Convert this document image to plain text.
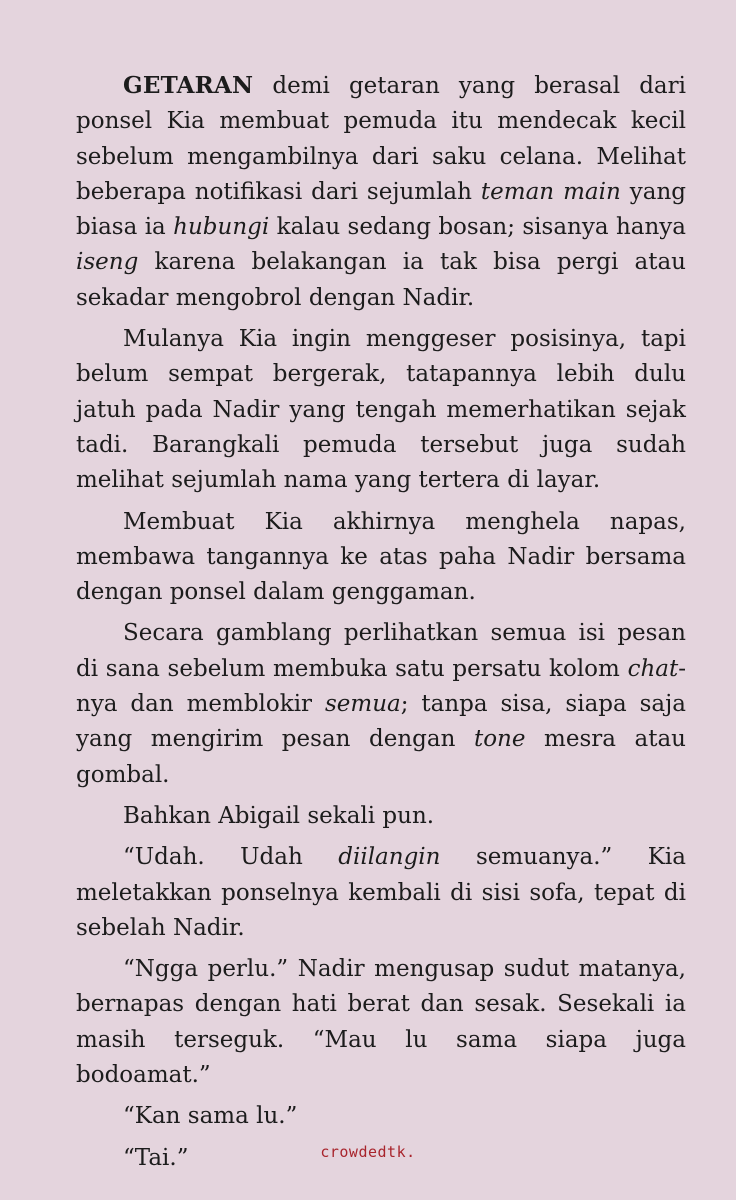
GETARAN demi getaran yang berasal dari ponsel Kia membuat pemuda itu mendecak kecil sebelum mengambilnya dari saku celana. Melihat beberapa notifikasi dari sejumlah teman main yang biasa ia hubungi kalau sedang bosan; sisanya hanya iseng karena belakangan ia tak bisa pergi atau sekadar mengobrol dengan Nadir.

Mulanya Kia ingin menggeser posisinya, tapi belum sempat bergerak, tatapannya lebih dulu jatuh pada Nadir yang tengah memerhatikan sejak tadi. Barangkali pemuda tersebut juga sudah melihat sejumlah nama yang tertera di layar.

Membuat Kia akhirnya menghela napas, membawa tangannya ke atas paha Nadir bersama dengan ponsel dalam genggaman.

Secara gamblang perlihatkan semua isi pesan di sana sebelum membuka satu persatu kolom chat-nya dan memblokir semua; tanpa sisa, siapa saja yang mengirim pesan dengan tone mesra atau gombal.

Bahkan Abigail sekali pun.

“Udah. Udah diilangin semuanya.” Kia meletakkan ponselnya kembali di sisi sofa, tepat di sebelah Nadir.

“Ngga perlu.” Nadir mengusap sudut matanya, bernapas dengan hati berat dan sesak. Sesekali ia masih terseguk. “Mau lu sama siapa juga bodoamat.”

“Kan sama lu.”

“Tai.”	crowdedtk.
